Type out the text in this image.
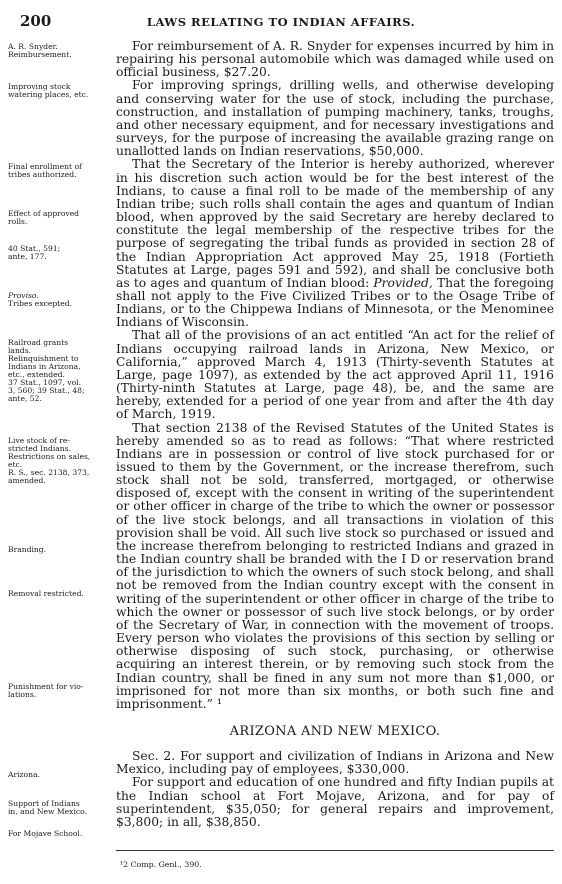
200	LAWS RELATING TO INDIAN AFFAIRS.
A. R. Snyder.
Reimbursement.
Improving stock
watering places, etc.
Final enrollment of
tribes authorized.
Effect of approved
rolls.
40 Stat., 591;
ante, 177.
Proviso.
Tribes excepted.
Railroad grants
lands.
Relinquishment to
Indians in Arizona,
etc., extended.
37 Stat., 1097, vol.
3, 560; 39 Stat., 48;
ante, 52.
Live stock of re-
stricted Indians.
Restrictions on sales,
etc.
R. S., sec. 2138, 373,
amended.
Branding.
Removal restricted.
Punishment for vio-
lations.
Arizona.
Support of Indians
in, and New Mexico.
For Mojave School.

For reimbursement of A. R. Snyder for expenses incurred by him in repairing his personal automobile which was damaged while used on official business, $27.20.

For improving springs, drilling wells, and otherwise developing and conserving water for the use of stock, including the purchase, construction, and installation of pumping machinery, tanks, troughs, and other necessary equipment, and for necessary investigations and surveys, for the purpose of increasing the available grazing range on unallotted lands on Indian reservations, $50,000.

That the Secretary of the Interior is hereby authorized, wherever in his discretion such action would be for the best interest of the Indians, to cause a final roll to be made of the membership of any Indian tribe; such rolls shall contain the ages and quantum of Indian blood, when approved by the said Secretary are hereby declared to constitute the legal membership of the respective tribes for the purpose of segregating the tribal funds as provided in section 28 of the Indian Appropriation Act approved May 25, 1918 (Fortieth Statutes at Large, pages 591 and 592), and shall be conclusive both as to ages and quantum of Indian blood: Provided, That the foregoing shall not apply to the Five Civilized Tribes or to the Osage Tribe of Indians, or to the Chippewa Indians of Minnesota, or the Menominee Indians of Wisconsin.

That all of the provisions of an act entitled “An act for the relief of Indians occupying railroad lands in Arizona, New Mexico, or California,” approved March 4, 1913 (Thirty-seventh Statutes at Large, page 1097), as extended by the act approved April 11, 1916 (Thirty-ninth Statutes at Large, page 48), be, and the same are hereby, extended for a period of one year from and after the 4th day of March, 1919.

That section 2138 of the Revised Statutes of the United States is hereby amended so as to read as follows: “That where restricted Indians are in possession or control of live stock purchased for or issued to them by the Government, or the increase therefrom, such stock shall not be sold, transferred, mortgaged, or otherwise disposed of, except with the consent in writing of the superintendent or other officer in charge of the tribe to which the owner or possessor of the live stock belongs, and all transactions in violation of this provision shall be void. All such live stock so purchased or issued and the increase therefrom belonging to restricted Indians and grazed in the Indian country shall be branded with the I D or reservation brand of the jurisdiction to which the owners of such stock belong, and shall not be removed from the Indian country except with the consent in writing of the superintendent or other officer in charge of the tribe to which the owner or possessor of such live stock belongs, or by order of the Secretary of War, in connection with the movement of troops. Every person who violates the provisions of this section by selling or otherwise disposing of such stock, purchasing, or otherwise acquiring an interest therein, or by removing such stock from the Indian country, shall be fined in any sum not more than $1,000, or imprisoned for not more than six months, or both such fine and imprisonment.” ¹

ARIZONA AND NEW MEXICO.

Sec. 2. For support and civilization of Indians in Arizona and New Mexico, including pay of employees, $330,000.

For support and education of one hundred and fifty Indian pupils at the Indian school at Fort Mojave, Arizona, and for pay of superintendent, $35,050; for general repairs and improvement, $3,800; in all, $38,850.

¹2 Comp. Genl., 390.
